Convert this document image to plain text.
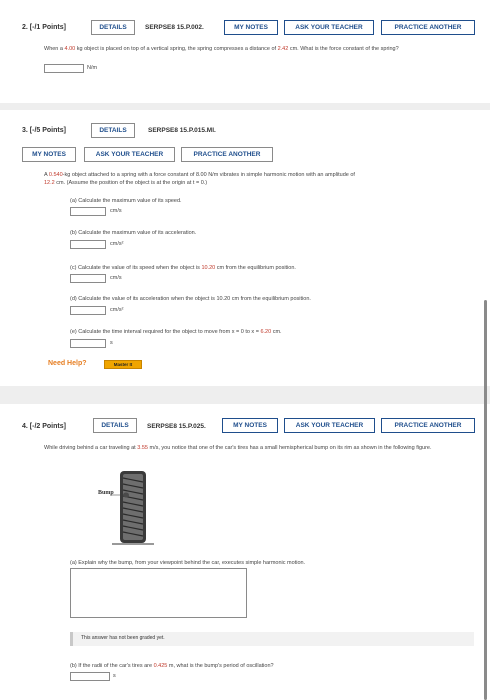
2. [-/1 Points]	DETAILS	SERPSE8 15.P.002.	MY NOTES	ASK YOUR TEACHER	PRACTICE ANOTHER
When a 4.00 kg object is placed on top of a vertical spring, the spring compresses a distance of 2.42 cm. What is the force constant of the spring?
N/m
3. [-/5 Points]	DETAILS	SERPSE8 15.P.015.MI.
MY NOTES	ASK YOUR TEACHER	PRACTICE ANOTHER
A 0.540-kg object attached to a spring with a force constant of 8.00 N/m vibrates in simple harmonic motion with an amplitude of
12.2 cm. (Assume the position of the object is at the origin at t = 0.)
(a) Calculate the maximum value of its speed.
cm/s
(b) Calculate the maximum value of its acceleration.
cm/s²
(c) Calculate the value of its speed when the object is 10.20 cm from the equilibrium position.
cm/s
(d) Calculate the value of its acceleration when the object is 10.20 cm from the equilibrium position.
cm/s²
(e) Calculate the time interval required for the object to move from x = 0 to x = 6.20 cm.
s
Need Help?	Master It
4. [-/2 Points]	DETAILS	SERPSE8 15.P.025.	MY NOTES	ASK YOUR TEACHER	PRACTICE ANOTHER
While driving behind a car traveling at 3.55 m/s, you notice that one of the car's tires has a small hemispherical bump on its rim as shown in the following figure.
Bump
(a) Explain why the bump, from your viewpoint behind the car, executes simple harmonic motion.
This answer has not been graded yet.
(b) If the radii of the car's tires are 0.425 m, what is the bump's period of oscillation?
s
